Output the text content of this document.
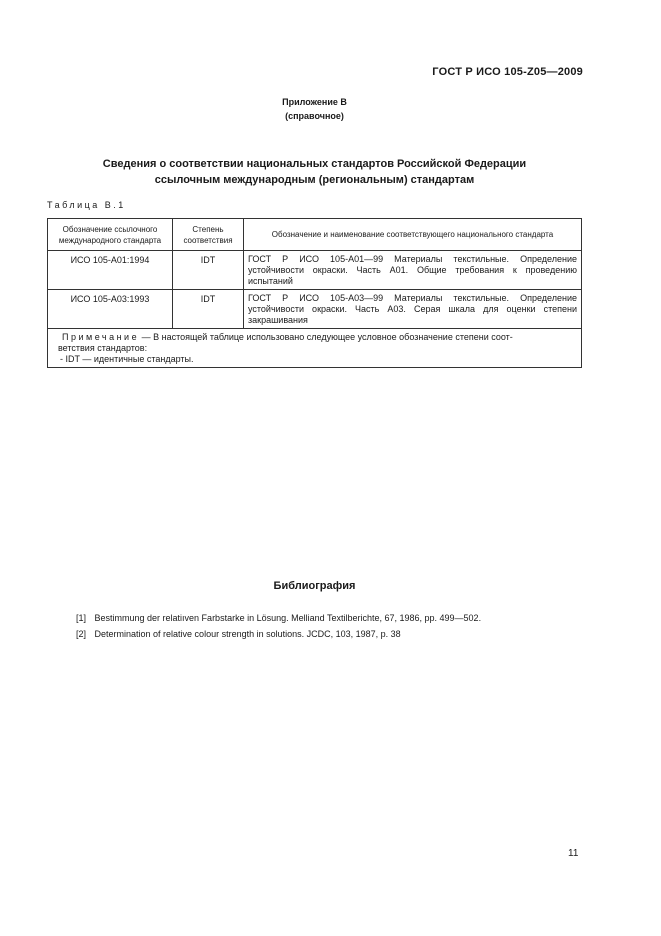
ГОСТ Р ИСО 105-Z05—2009
Приложение В
(справочное)
Сведения о соответствии национальных стандартов Российской Федерации
ссылочным международным (региональным) стандартам
Таблица В.1
Обозначение ссылочного международного стандарта	Степень соответствия	Обозначение и наименование соответствующего национального стандарта
ИСО 105-А01:1994	IDT	ГОСТ Р ИСО 105-А01—99 Материалы текстильные. Определение устойчивости окраски. Часть А01. Общие требования к проведению испытаний
ИСО 105-А03:1993	IDT	ГОСТ Р ИСО 105-А03—99 Материалы текстильные. Определение устойчивости окраски. Часть А03. Серая шкала для оценки степени закрашивания

Примечание — В настоящей таблице использовано следующее условное обозначение степени соот-
ветствия стандартов:
- IDT — идентичные стандарты.		
Библиография
[1] Bestimmung der relatiıven Farbstarke in Lösung. Melliand Textilberichte, 67, 1986, pp. 499—502.
[2] Determination of relative colour strength in solutions. JCDC, 103, 1987, p. 38
11
